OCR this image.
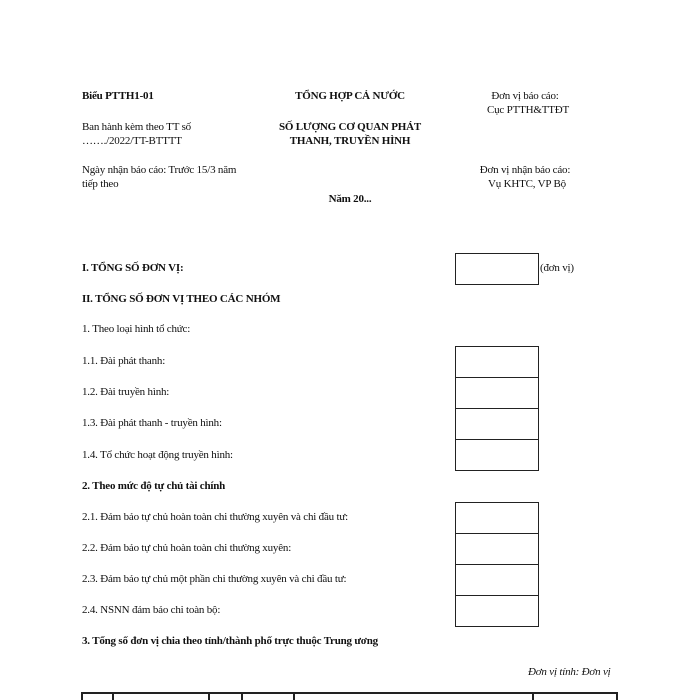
Biểu PTTH1-01
Ban hành kèm theo TT số
……./2022/TT-BTTTT
Ngày nhận báo cáo: Trước 15/3 năm
tiếp theo
TỔNG HỢP CẢ NƯỚC
SỐ LƯỢNG CƠ QUAN PHÁT
THANH, TRUYỀN HÌNH
Năm 20...
Đơn vị báo cáo:
Cục PTTH&TTĐT
Đơn vị nhận báo cáo:
Vụ KHTC, VP Bộ
I. TỔNG SỐ ĐƠN VỊ:	(đơn vị)
II. TỔNG SỐ ĐƠN VỊ THEO CÁC NHÓM
1. Theo loại hình tổ chức:
1.1. Đài phát thanh:
1.2. Đài truyền hình:
1.3. Đài phát thanh - truyền hình:
1.4. Tổ chức hoạt động truyền hình:
2. Theo mức độ tự chủ tài chính
2.1. Đảm bảo tự chủ hoàn toàn chi thường xuyên và chi đầu tư:
2.2. Đảm bảo tự chủ hoàn toàn chi thường xuyên:
2.3. Đảm bảo tự chủ một phần chi thường xuyên và chi đầu tư:
2.4. NSNN đảm bảo chi toàn bộ:
3. Tổng số đơn vị chia theo tỉnh/thành phố trực thuộc Trung ương
Đơn vị tính: Đơn vị
